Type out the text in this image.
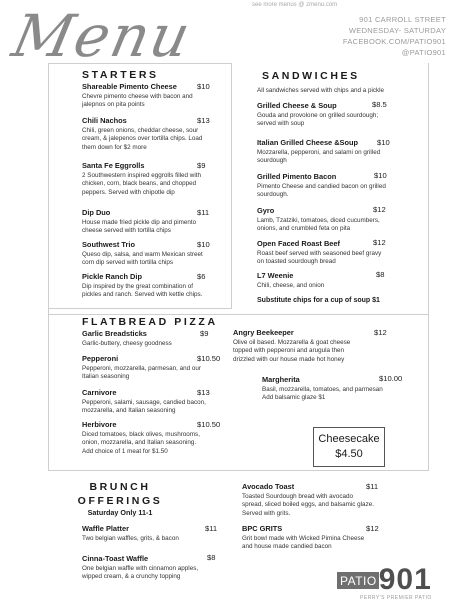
Menu	see more menus @ zmenu.com
901 CARROLL STREET
WEDNESDAY- SATURDAY
FACEBOOK.COM/PATIO901
@PATIO901
STARTERS
Shareable Pimento Cheese	$10
Chevre pimento cheese with bacon and
jalepnos on pita points
Chili Nachos	$13
Chili, green onions, cheddar cheese, sour
cream, & jalepenos over tortilla chips. Load
them down for $2 more
Santa Fe Eggrolls	$9
2 Southwestern inspired eggrolls filled with
chicken, corn, black beans, and chopped
peppers. Served with chipotle dip
Dip Duo	$11
House made fried pickle dip and pimento
cheese served with tortilla chips
Southwest Trio	$10
Queso dip, salsa, and warm Mexican street
corn dip served with tortilla chips
Pickle Ranch Dip	$6
Dip inspired by the great combination of
pickles and ranch. Served with kettle chips.
SANDWICHES
All sandwiches served with chips and a pickle
Grilled Cheese & Soup	$8.5
Gouda and provolone on grilled sourdough;
served with soup
Italian Grilled Cheese &Soup $10
Mozzarella, pepperoni, and salami on grilled
sourdough
Grilled Pimento Bacon	$10
Pimento Cheese and candied bacon on grilled
sourdough.
Gyro	$12
Lamb, Tzatziki, tomatoes, diced cucumbers,
onions, and crumbled feta on pita
Open Faced Roast Beef	$12
Roast beef served with seasoned beef gravy
on toasted sourdough bread
L7 Weenie	$8
Chili, cheese, and onion
Substitute chips for a cup of soup $1
FLATBREAD PIZZA
Garlic Breadsticks	$9
Garlic-buttery, cheesy goodness
Pepperoni	$10.50
Pepperoni, mozzarella, parmesan, and our
Italian seasoning
Carnivore	$13
Pepperoni, salami, sausage, candied bacon,
mozzarella, and Italian seasoning
Herbivore	$10.50
Diced tomatoes, black olives, mushrooms,
onion, mozzarella, and Italian seasoning.
Add choice of 1 meat for $1.50
Angry Beekeeper	$12
Olive oil based. Mozzarella & goat cheese
topped with pepperoni and arugula then
drizzled with our house made hot honey
Margherita	$10.00
Basil, mozzarella, tomatoes, and parmesan
Add balsamic glaze $1
Cheesecake
$4.50
BRUNCH
OFFERINGS
Saturday Only 11-1
Waffle Platter	$11
Two belgian waffles, grits, & bacon
Cinna-Toast Waffle	$8
One belgian waffle with cinnamon apples,
wipped cream, & a crunchy topping
Avocado Toast	$11
Toasted Sourdough bread with avocado
spread, sliced boiled eggs, and balsamic glaze.
Served with grits.
BPC GRITS	$12
Grit bowl made with Wicked Pimina Cheese
and house made candied bacon
PATIO901
PERRY'S PREMIER PATIO
